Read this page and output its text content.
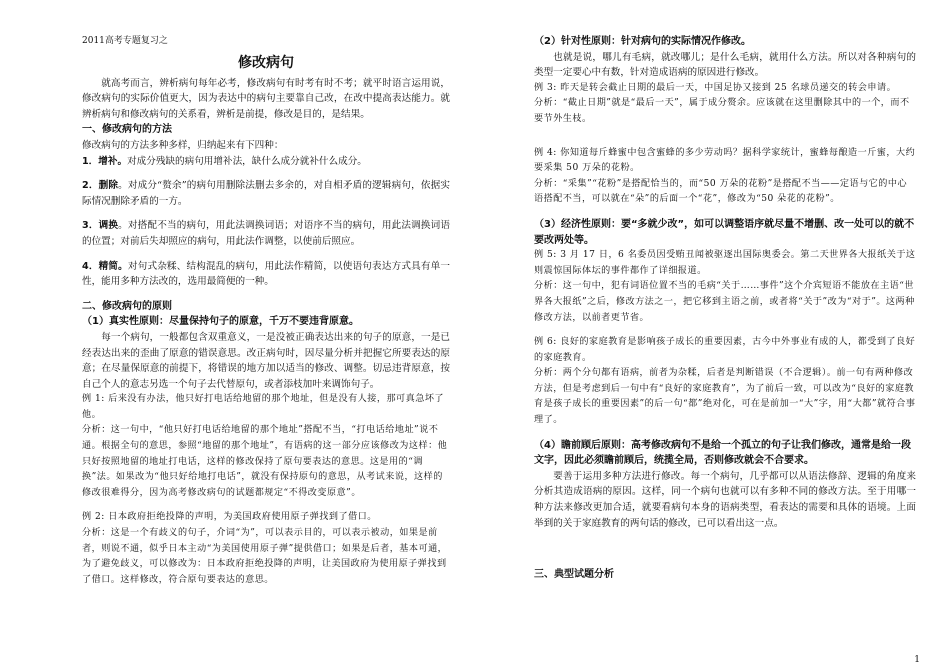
2011高考专题复习之

修改病句

就高考而言，辨析病句每年必考，修改病句有时考有时不考；就平时语言运用说，修改病句的实际价值更大，因为表达中的病句主要靠自己改，在改中提高表达能力。就辨析病句和修改病句的关系看，辨析是前提，修改是目的，是结果。

一、修改病句的方法

修改病句的方法多种多样，归纳起来有下四种：

1．增补。对成分残缺的病句用增补法，缺什么成分就补什么成分。

2．删除。对成分“赘余”的病句用删除法删去多余的，对自相矛盾的逻辑病句，依据实际情况删除矛盾的一方。

3．调换。对搭配不当的病句，用此法调换词语；对语序不当的病句，用此法调换词语的位置；对前后失却照应的病句，用此法作调整，以使前后照应。

4．精简。对句式杂糅、结构混乱的病句，用此法作精简，以使语句表达方式具有单一性，能用多种方法改的，选用最简便的一种。

二、修改病句的原则

（1）真实性原则：尽量保持句子的原意，千万不要违背原意。

每一个病句，一般都包含双重意义，一是没被正确表达出来的句子的原意，一是已经表达出来的歪曲了原意的错误意思。改正病句时，因尽量分析并把握它所要表达的原意；在尽量保原意的前提下，将错误的地方加以适当的修改、调整。切忌违背原意，按自己个人的意志另选一个句子去代替原句，或者添枝加叶来调饰句子。

例 1: 后来没有办法，他只好打电话给地留的那个地址，但是没有人接，那可真急坏了他。

分析：这一句中，“他只好打电话给地留的那个地址”搭配不当，“打电话给地址”说不通。根据全句的意思，参照“地留的那个地址”，有语病的这一部分应该修改为这样：他只好按照地留的地址打电话，这样的修改保持了原句要表达的意思。这是用的“调换”法。如果改为“他只好给地打电话”，就没有保持原句的意思，从考试来说，这样的修改很难得分，因为高考修改病句的试题都规定“不得改变原意”。

例 2: 日本政府拒绝投降的声明，为美国政府使用原子弹找到了借口。

分析：这是一个有歧义的句子，介词“为”，可以表示目的，可以表示被动，如果是前者，则说不通，似乎日本主动“为美国使用原子弹”提供借口；如果是后者，基本可通，为了避免歧义，可以修改为：日本政府拒绝投降的声明，让美国政府为使用原子弹找到了借口。这样修改，符合原句要表达的意思。

（2）针对性原则：针对病句的实际情况作修改。

也就是说，哪儿有毛病，就改哪儿；是什么毛病，就用什么方法。所以对各种病句的类型一定要心中有数，针对造成语病的原因进行修改。

例 3: 昨天是转会截止日期的最后一天，中国足协又接到 25 名球员递交的转会申请。

分析：“截止日期”就是“最后一天”，属于成分赘余。应该就在这里删除其中的一个，而不要节外生枝。

例 4: 你知道每斤蜂蜜中包含蜜蜂的多少劳动吗？据科学家统计，蜜蜂每酿造一斤蜜，大约要采集 50 万朵的花粉。

分析：“采集”“花粉”是搭配恰当的，而“50 万朵的花粉”是搭配不当——定语与它的中心语搭配不当，可以就在“朵”的后面一个“花”，修改为“50 朵花的花粉”。

（3）经济性原则：要“多就少改”，如可以调整语序就尽量不增删、改一处可以的就不要改两处等。

例 5: 3 月 17 日，6 名委员因受贿丑闻被驱逐出国际奥委会。第二天世界各大报纸关于这则震惊国际体坛的事件都作了详细报道。

分析：这一句中，犯有词语位置不当的毛病“关于……事件”这个介宾短语不能放在主语“世界各大报纸”之后，修改方法之一，把它移到主语之前，或者将“关于”改为“对于”。这两种修改方法，以前者更节省。

例 6: 良好的家庭教育是影响孩子成长的重要因素，古今中外事业有成的人，都受到了良好的家庭教育。

分析：两个分句都有语病，前者为杂糅，后者是判断错误（不合逻辑）。前一句有两种修改方法，但是考虑到后一句中有“良好的家庭教育”，为了前后一致，可以改为“良好的家庭教育是孩子成长的重要因素”的后一句“都”绝对化，可在是前加一“大”字，用“大都”就符合事理了。

（4）瞻前顾后原则：高考修改病句不是给一个孤立的句子让我们修改，通常是给一段文字，因此必须瞻前顾后，统揽全局，否则修改就会不合要求。

要善于运用多种方法进行修改。每一个病句，几乎都可以从语法修辞、逻辑的角度来分析其造成语病的原因。这样，同一个病句也就可以有多种不同的修改方法。至于用哪一种方法来修改更加合适，就要看病句本身的语病类型，看表达的需要和具体的语境。上面举到的关于家庭教育的两句话的修改，已可以看出这一点。

三、典型试题分析

1
